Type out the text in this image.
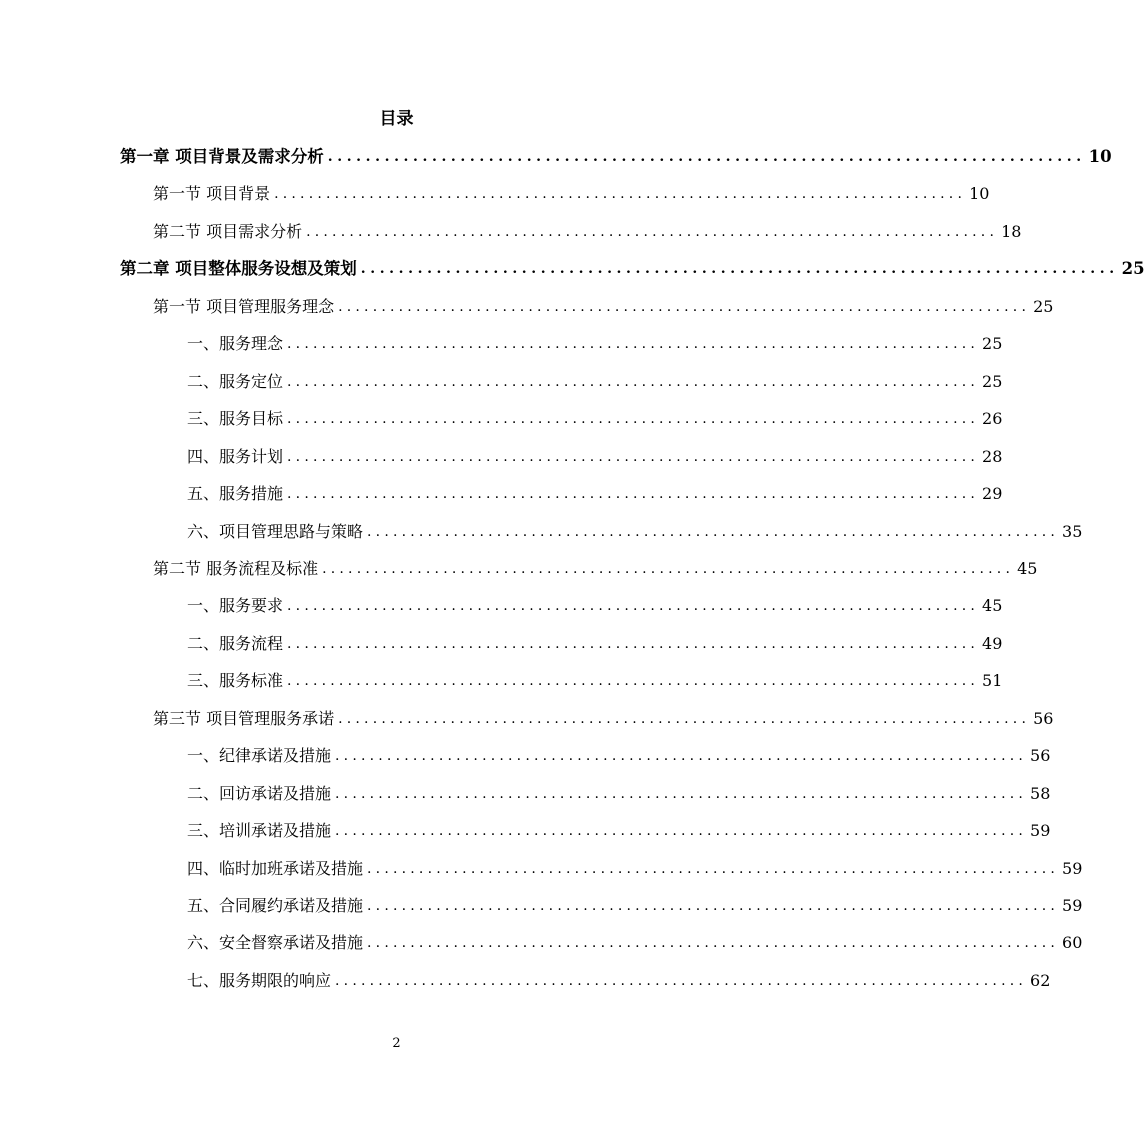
目录
第一章 项目背景及需求分析 ................................................................................ 10
第一节 项目背景 ................................................................................ 10
第二节 项目需求分析 ................................................................................ 18
第二章 项目整体服务设想及策划 ................................................................................ 25
第一节 项目管理服务理念 ................................................................................ 25
一、服务理念 ................................................................................ 25
二、服务定位 ................................................................................ 25
三、服务目标 ................................................................................ 26
四、服务计划 ................................................................................ 28
五、服务措施 ................................................................................ 29
六、项目管理思路与策略 ................................................................................ 35
第二节 服务流程及标准 ................................................................................ 45
一、服务要求 ................................................................................ 45
二、服务流程 ................................................................................ 49
三、服务标准 ................................................................................ 51
第三节 项目管理服务承诺 ................................................................................ 56
一、纪律承诺及措施 ................................................................................ 56
二、回访承诺及措施 ................................................................................ 58
三、培训承诺及措施 ................................................................................ 59
四、临时加班承诺及措施 ................................................................................ 59
五、合同履约承诺及措施 ................................................................................ 59
六、安全督察承诺及措施 ................................................................................ 60
七、服务期限的响应 ................................................................................ 62
2
